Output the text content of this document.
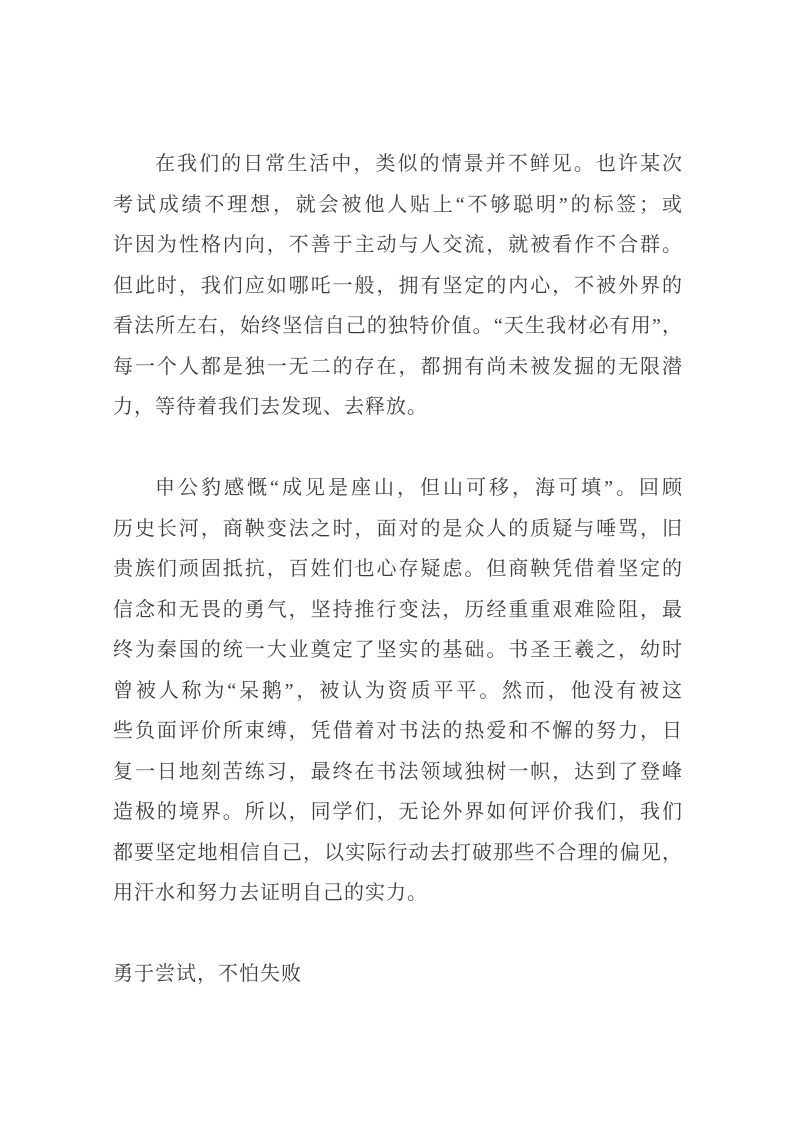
在我们的日常生活中，类似的情景并不鲜见。也许某次
考试成绩不理想，就会被他人贴上“不够聪明”的标签；或
许因为性格内向，不善于主动与人交流，就被看作不合群。
但此时，我们应如哪吒一般，拥有坚定的内心，不被外界的
看法所左右，始终坚信自己的独特价值。“天生我材必有用”，
每一个人都是独一无二的存在，都拥有尚未被发掘的无限潜
力，等待着我们去发现、去释放。
申公豹感慨“成见是座山，但山可移，海可填”。回顾
历史长河，商鞅变法之时，面对的是众人的质疑与唾骂，旧
贵族们顽固抵抗，百姓们也心存疑虑。但商鞅凭借着坚定的
信念和无畏的勇气，坚持推行变法，历经重重艰难险阻，最
终为秦国的统一大业奠定了坚实的基础。书圣王羲之，幼时
曾被人称为“呆鹅”，被认为资质平平。然而，他没有被这
些负面评价所束缚，凭借着对书法的热爱和不懈的努力，日
复一日地刻苦练习，最终在书法领域独树一帜，达到了登峰
造极的境界。所以，同学们，无论外界如何评价我们，我们
都要坚定地相信自己，以实际行动去打破那些不合理的偏见，
用汗水和努力去证明自己的实力。
勇于尝试，不怕失败
